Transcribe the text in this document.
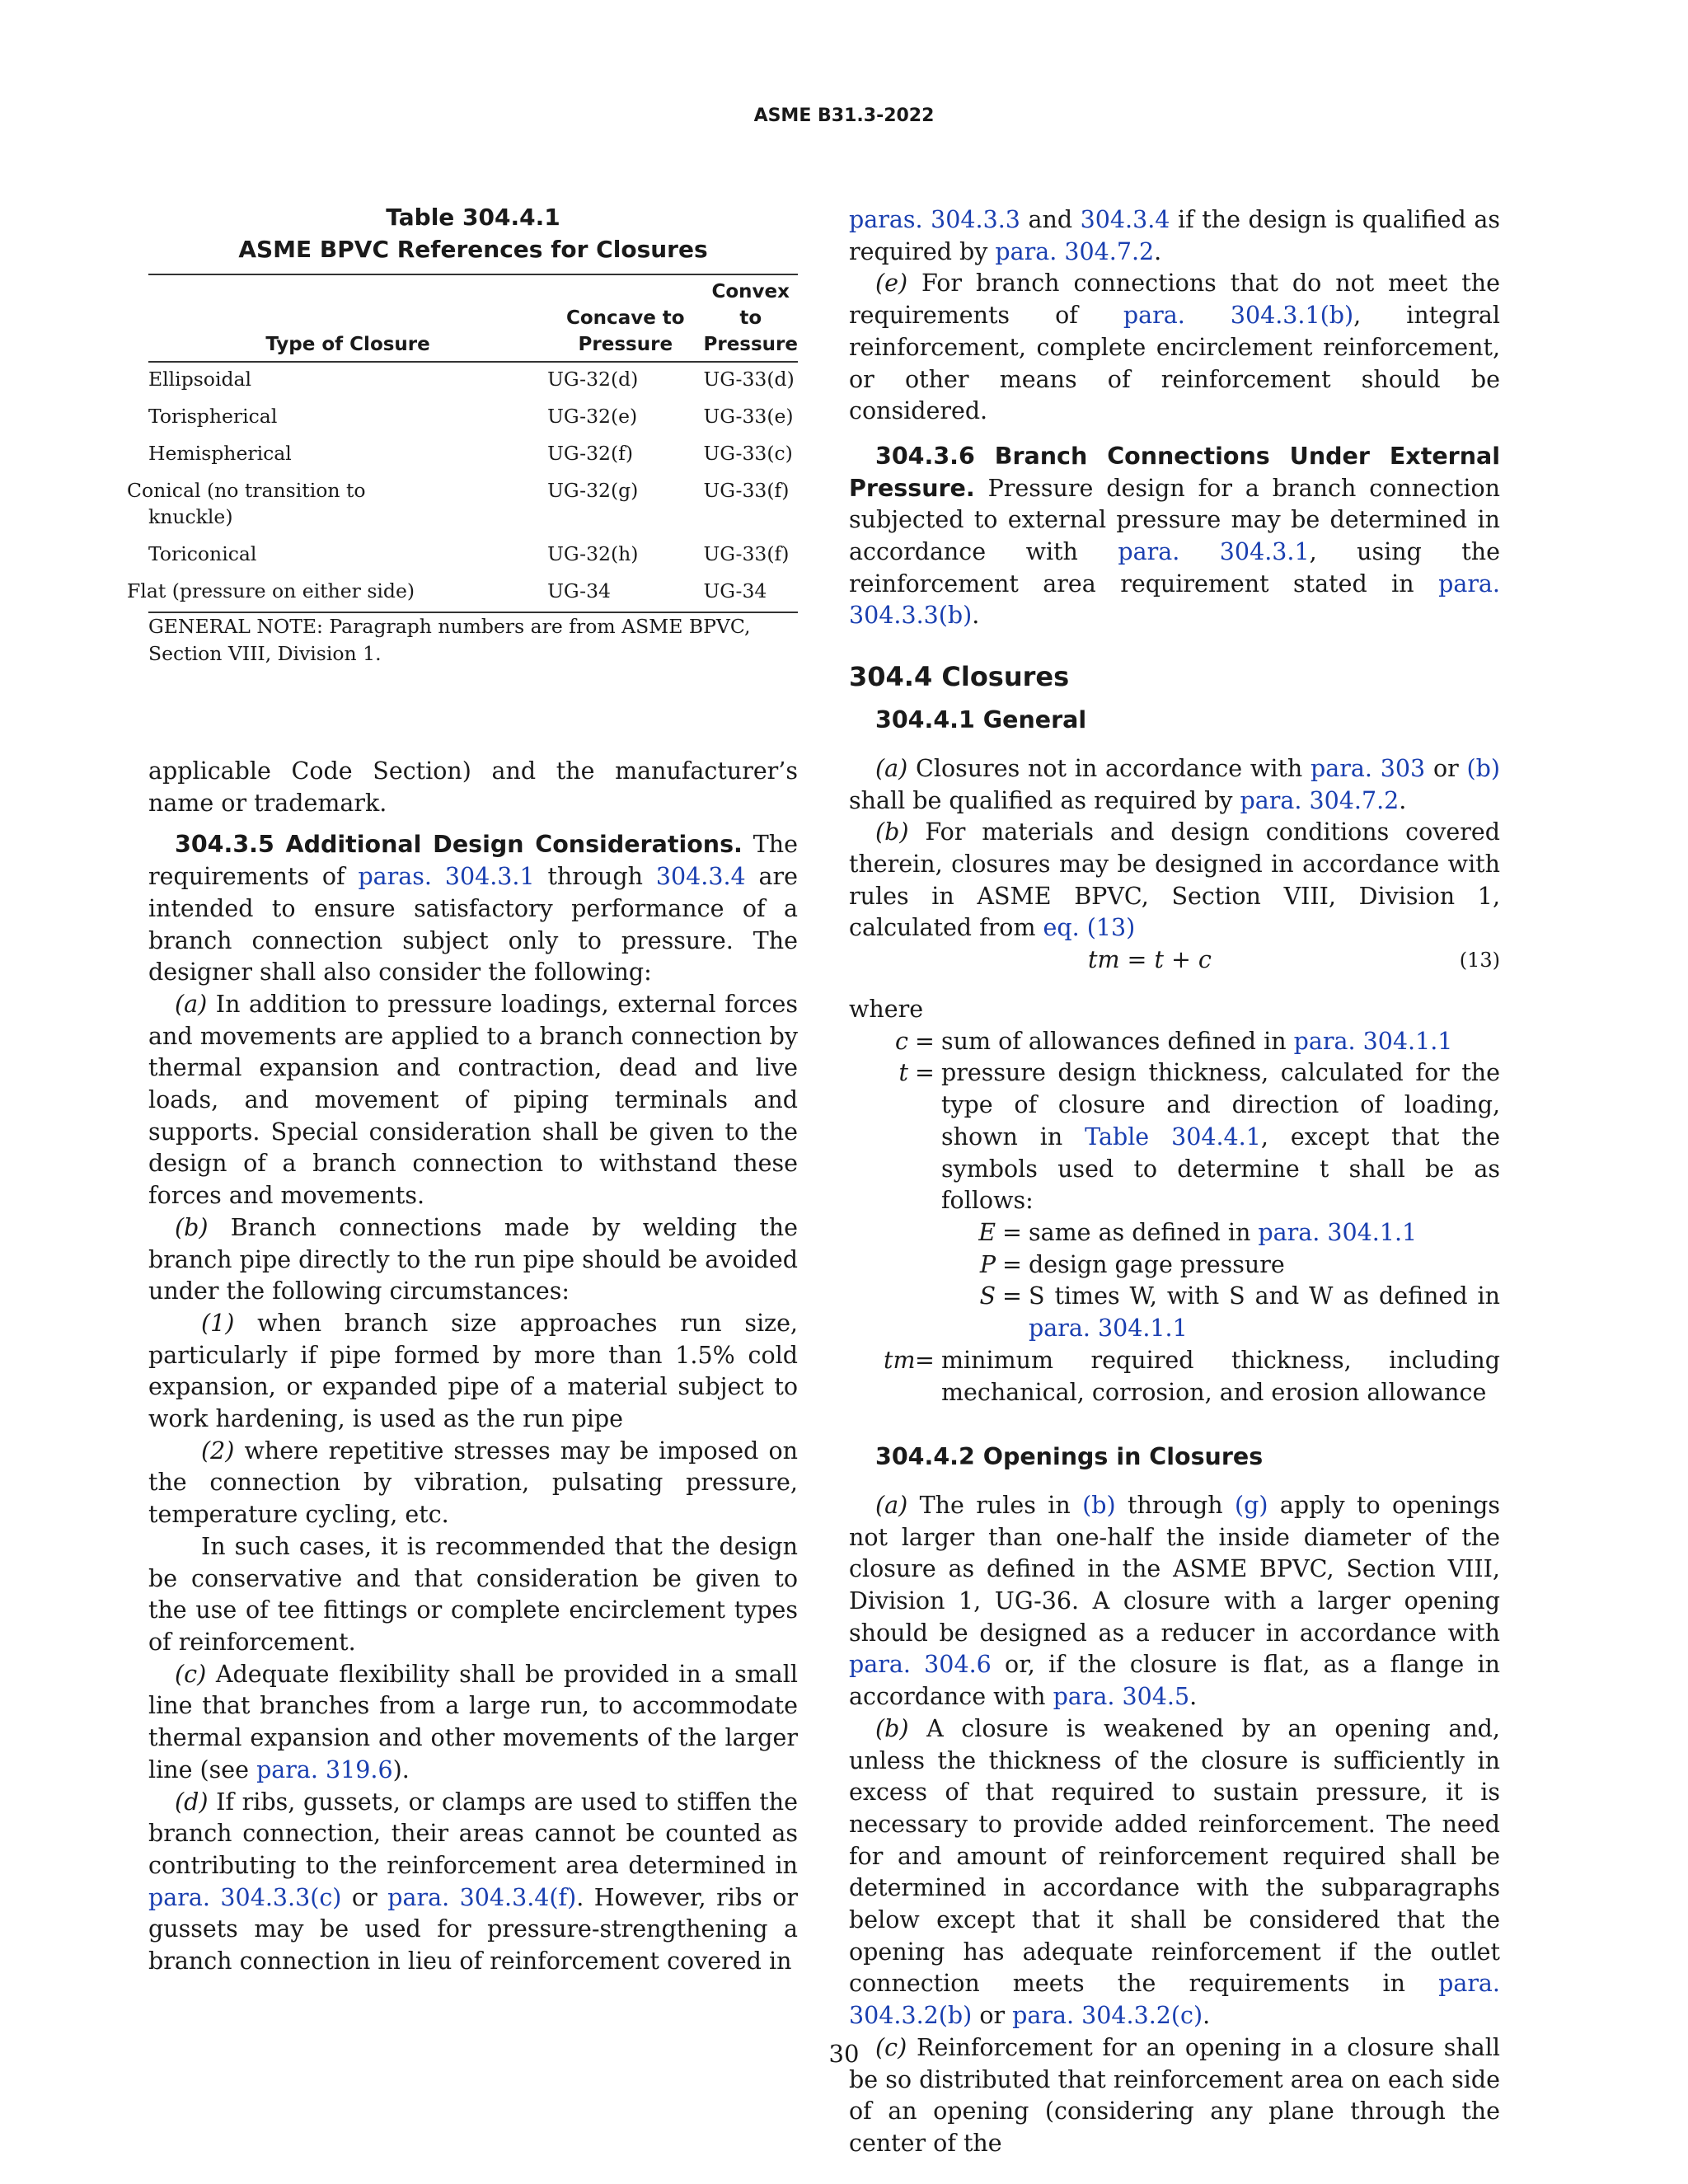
ASME B31.3-2022
Table 304.4.1
ASME BPVC References for Closures
Type of Closure	Concave to Pressure	Convex to Pressure
Ellipsoidal	UG-32(d)	UG-33(d)
Torispherical	UG-32(e)	UG-33(e)
Hemispherical	UG-32(f)	UG-33(c)
Conical (no transition to knuckle)	UG-32(g)	UG-33(f)
Toriconical	UG-32(h)	UG-33(f)
Flat (pressure on either side)	UG-34	UG-34

GENERAL NOTE: Paragraph numbers are from ASME BPVC, Section VIII, Division 1.

applicable Code Section) and the manufacturer’s name or trademark.

304.3.5 Additional Design Considerations. The requirements of paras. 304.3.1 through 304.3.4 are intended to ensure satisfactory performance of a branch connection subject only to pressure. The designer shall also consider the following:

(a) In addition to pressure loadings, external forces and movements are applied to a branch connection by thermal expansion and contraction, dead and live loads, and movement of piping terminals and supports. Special consideration shall be given to the design of a branch connection to withstand these forces and movements.

(b) Branch connections made by welding the branch pipe directly to the run pipe should be avoided under the following circumstances:

(1) when branch size approaches run size, particularly if pipe formed by more than 1.5% cold expansion, or expanded pipe of a material subject to work hardening, is used as the run pipe

(2) where repetitive stresses may be imposed on the connection by vibration, pulsating pressure, temperature cycling, etc.

In such cases, it is recommended that the design be conservative and that consideration be given to the use of tee fittings or complete encirclement types of reinforcement.

(c) Adequate flexibility shall be provided in a small line that branches from a large run, to accommodate thermal expansion and other movements of the larger line (see para. 319.6).

(d) If ribs, gussets, or clamps are used to stiffen the branch connection, their areas cannot be counted as contributing to the reinforcement area determined in para. 304.3.3(c) or para. 304.3.4(f). However, ribs or gussets may be used for pressure-strengthening a branch connection in lieu of reinforcement covered in

paras. 304.3.3 and 304.3.4 if the design is qualified as required by para. 304.7.2.

(e) For branch connections that do not meet the requirements of para. 304.3.1(b), integral reinforcement, complete encirclement reinforcement, or other means of reinforcement should be considered.

304.3.6 Branch Connections Under External Pressure. Pressure design for a branch connection subjected to external pressure may be determined in accordance with para. 304.3.1, using the reinforcement area requirement stated in para. 304.3.3(b).

304.4 Closures
304.4.1 General

(a) Closures not in accordance with para. 303 or (b) shall be qualified as required by para. 304.7.2.

(b) For materials and design conditions covered therein, closures may be designed in accordance with rules in ASME BPVC, Section VIII, Division 1, calculated from eq. (13)

tm = t + c	(13)

where

c = sum of allowances defined in para. 304.1.1
t = pressure design thickness, calculated for the type of closure and direction of loading, shown in Table 304.4.1, except that the symbols used to determine t shall be as follows:
E = same as defined in para. 304.1.1
P = design gage pressure
S = S times W, with S and W as defined in para. 304.1.1
tm = minimum required thickness, including mechanical, corrosion, and erosion allowance
304.4.2 Openings in Closures

(a) The rules in (b) through (g) apply to openings not larger than one-half the inside diameter of the closure as defined in the ASME BPVC, Section VIII, Division 1, UG-36. A closure with a larger opening should be designed as a reducer in accordance with para. 304.6 or, if the closure is flat, as a flange in accordance with para. 304.5.

(b) A closure is weakened by an opening and, unless the thickness of the closure is sufficiently in excess of that required to sustain pressure, it is necessary to provide added reinforcement. The need for and amount of reinforcement required shall be determined in accordance with the subparagraphs below except that it shall be considered that the opening has adequate reinforcement if the outlet connection meets the requirements in para. 304.3.2(b) or para. 304.3.2(c).

(c) Reinforcement for an opening in a closure shall be so distributed that reinforcement area on each side of an opening (considering any plane through the center of the

30
